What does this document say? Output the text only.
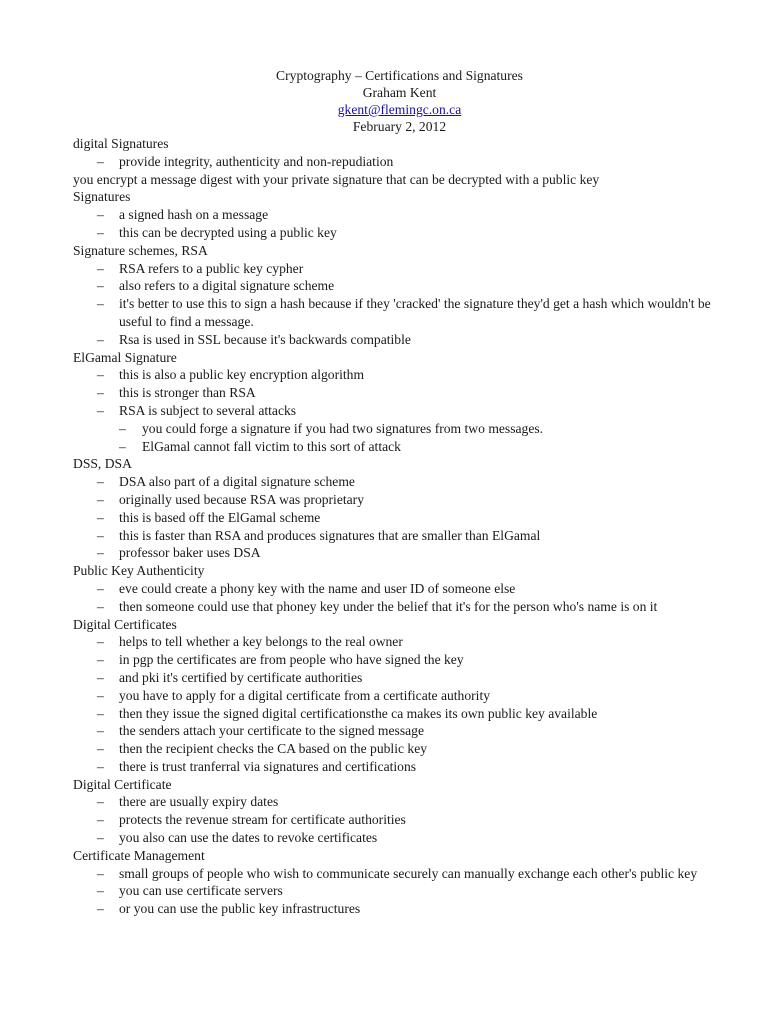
Cryptography – Certifications and Signatures
Graham Kent
gkent@flemingc.on.ca
February 2, 2012
digital Signatures
– provide integrity, authenticity and non-repudiation
you encrypt a message digest with your private signature that can be decrypted with a public key
Signatures
– a signed hash on a message
– this can be decrypted using a public key
Signature schemes, RSA
– RSA refers to a public key cypher
– also refers to a digital signature scheme
– it's better to use this to sign a hash because if they 'cracked' the signature they'd get a hash which wouldn't be useful to find a message.
– Rsa is used in SSL because it's backwards compatible
ElGamal Signature
– this is also a public key encryption algorithm
– this is stronger than RSA
– RSA is subject to several attacks
– you could forge a signature if you had two signatures from two messages.
– ElGamal cannot fall victim to this sort of attack
DSS, DSA
– DSA also part of a digital signature scheme
– originally used because RSA was proprietary
– this is based off the ElGamal scheme
– this is faster than RSA and produces signatures that are smaller than ElGamal
– professor baker uses DSA
Public Key Authenticity
– eve could create a phony key with the name and user ID of someone else
– then someone could use that phoney key under the belief that it's for the person who's name is on it
Digital Certificates
– helps to tell whether a key belongs to the real owner
– in pgp the certificates are from people who have signed the key
– and pki it's certified by certificate authorities
– you have to apply for a digital certificate from a certificate authority
– then they issue the signed digital certificationsthe ca makes its own public key available
– the senders attach your certificate to the signed message
– then the recipient checks the CA based on the public key
– there is trust tranferral via signatures and certifications
Digital Certificate
– there are usually expiry dates
– protects the revenue stream for certificate authorities
– you also can use the dates to revoke certificates
Certificate Management
– small groups of people who wish to communicate securely can manually exchange each other's public key
– you can use certificate servers
– or you can use the public key infrastructures
